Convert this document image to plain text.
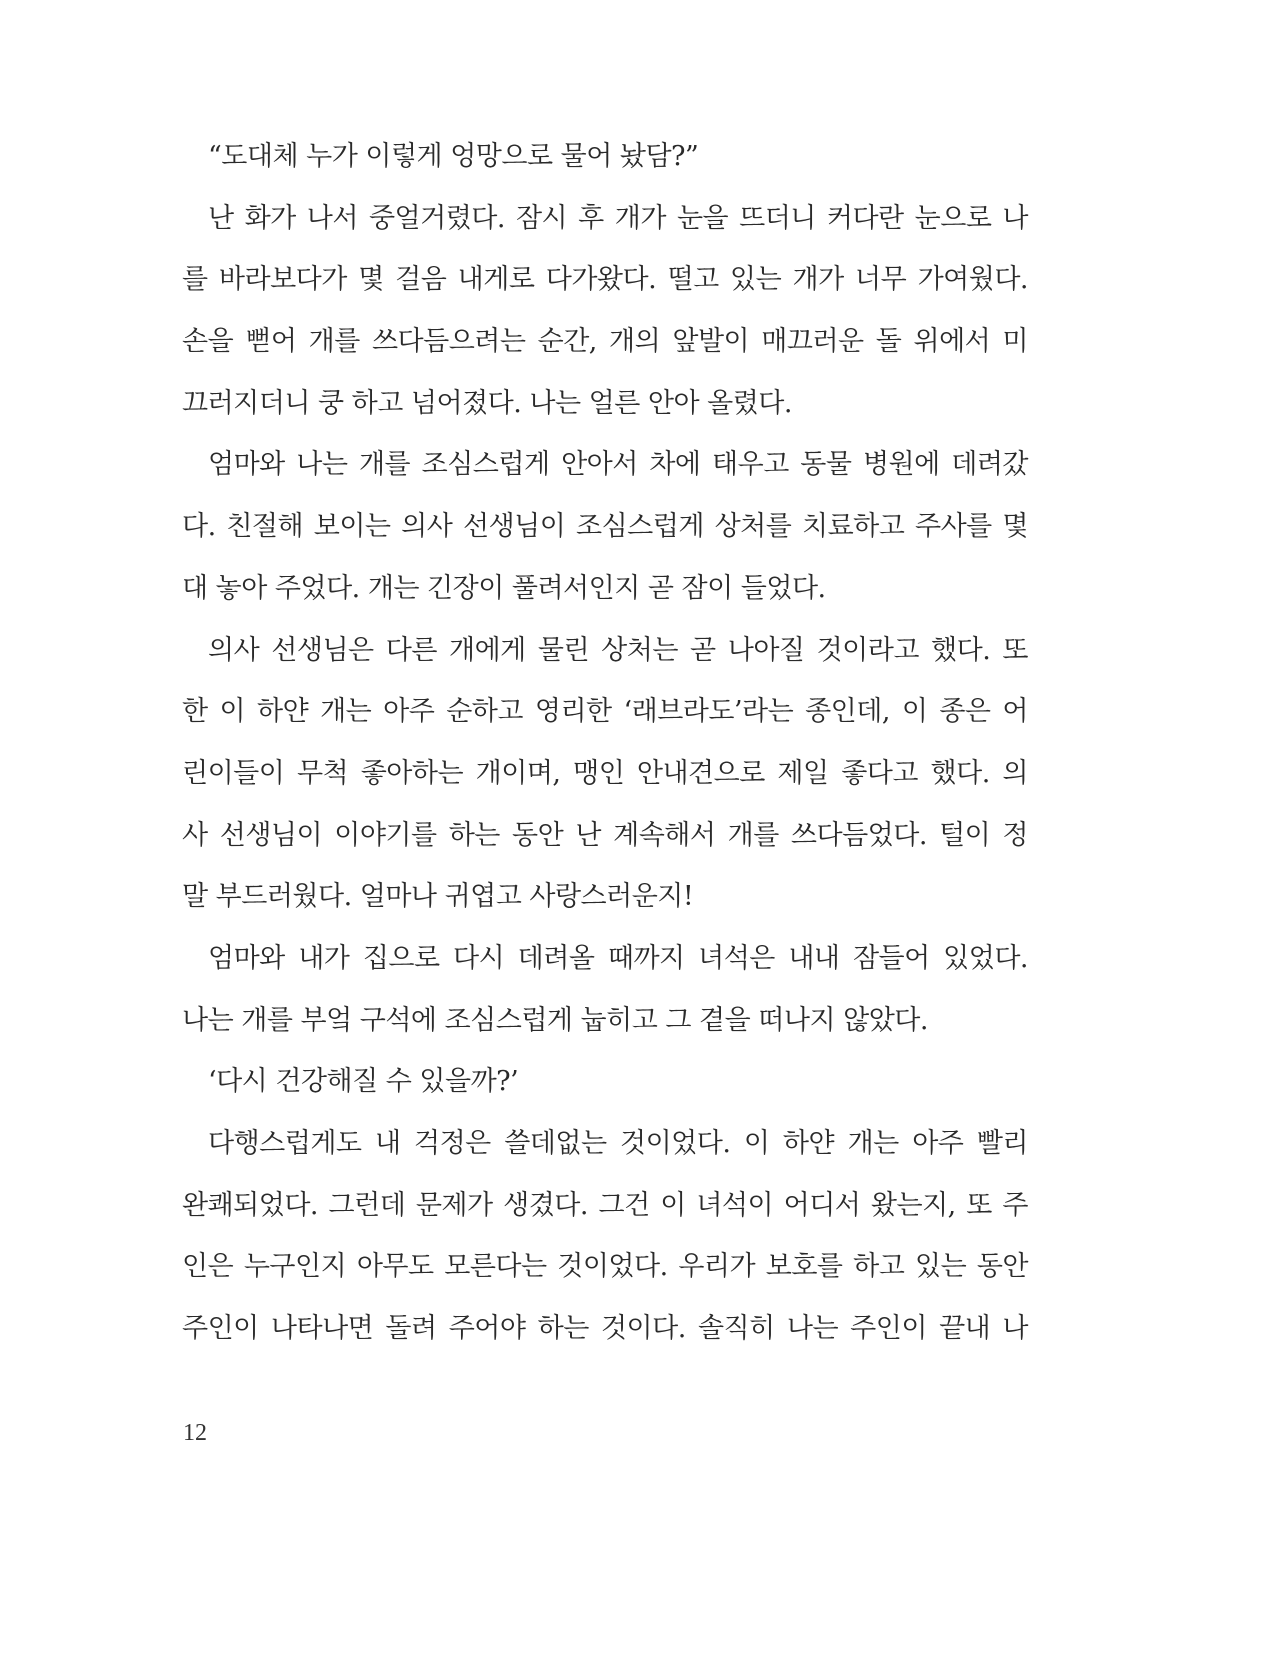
“도대체 누가 이렇게 엉망으로 물어 놨담?”
난 화가 나서 중얼거렸다. 잠시 후 개가 눈을 뜨더니 커다란 눈으로 나
를 바라보다가 몇 걸음 내게로 다가왔다. 떨고 있는 개가 너무 가여웠다.
손을 뻗어 개를 쓰다듬으려는 순간, 개의 앞발이 매끄러운 돌 위에서 미
끄러지더니 쿵 하고 넘어졌다. 나는 얼른 안아 올렸다.
엄마와 나는 개를 조심스럽게 안아서 차에 태우고 동물 병원에 데려갔
다. 친절해 보이는 의사 선생님이 조심스럽게 상처를 치료하고 주사를 몇
대 놓아 주었다. 개는 긴장이 풀려서인지 곧 잠이 들었다.
의사 선생님은 다른 개에게 물린 상처는 곧 나아질 것이라고 했다. 또
한 이 하얀 개는 아주 순하고 영리한 ‘래브라도’라는 종인데, 이 종은 어
린이들이 무척 좋아하는 개이며, 맹인 안내견으로 제일 좋다고 했다. 의
사 선생님이 이야기를 하는 동안 난 계속해서 개를 쓰다듬었다. 털이 정
말 부드러웠다. 얼마나 귀엽고 사랑스러운지!
엄마와 내가 집으로 다시 데려올 때까지 녀석은 내내 잠들어 있었다.
나는 개를 부엌 구석에 조심스럽게 눕히고 그 곁을 떠나지 않았다.
‘다시 건강해질 수 있을까?’
다행스럽게도 내 걱정은 쓸데없는 것이었다. 이 하얀 개는 아주 빨리
완쾌되었다. 그런데 문제가 생겼다. 그건 이 녀석이 어디서 왔는지, 또 주
인은 누구인지 아무도 모른다는 것이었다. 우리가 보호를 하고 있는 동안
주인이 나타나면 돌려 주어야 하는 것이다. 솔직히 나는 주인이 끝내 나
12
